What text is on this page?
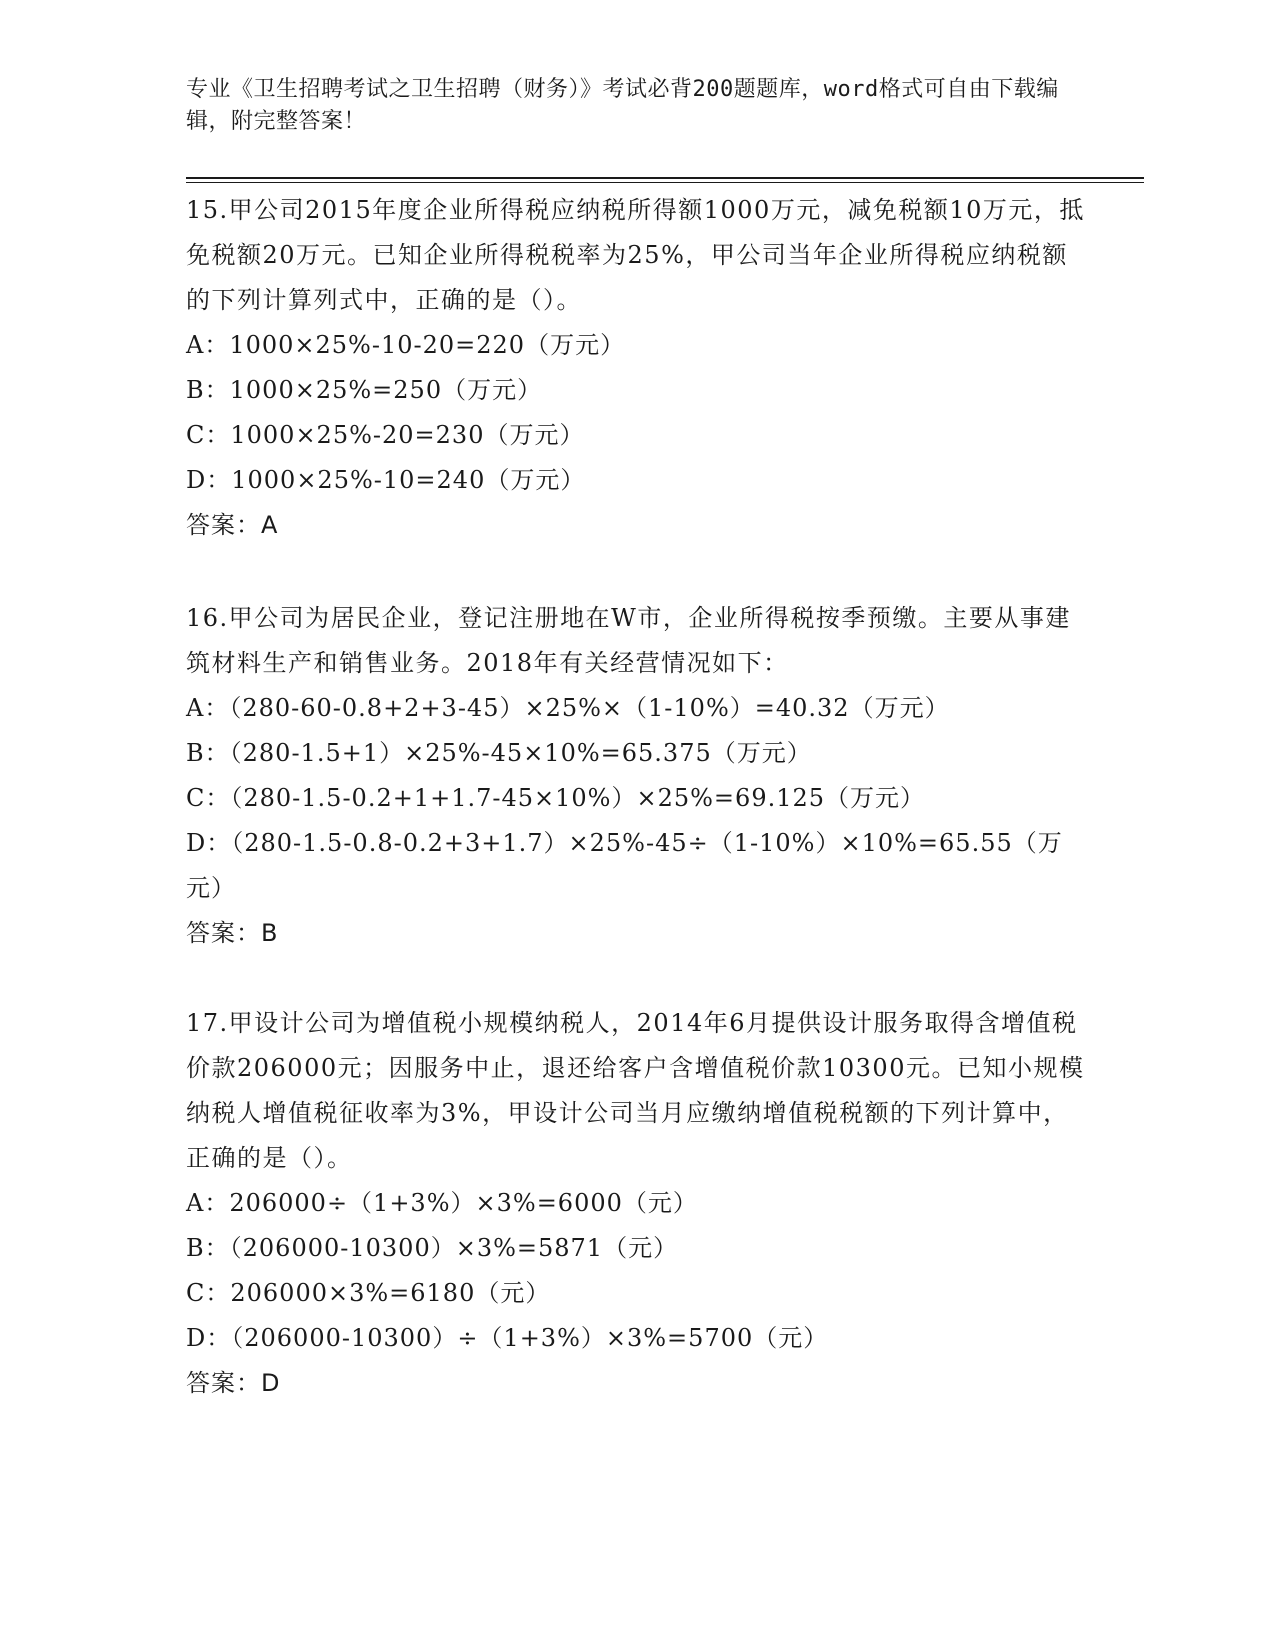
专业《卫生招聘考试之卫生招聘（财务）》考试必背200题题库，word格式可自由下载编辑，附完整答案！

15.甲公司2015年度企业所得税应纳税所得额1000万元，减免税额10万元，抵免税额20万元。已知企业所得税税率为25%，甲公司当年企业所得税应纳税额的下列计算列式中，正确的是（）。

A：1000×25%-10-20=220（万元）

B：1000×25%=250（万元）

C：1000×25%-20=230（万元）

D：1000×25%-10=240（万元）

答案：A

16.甲公司为居民企业，登记注册地在W市，企业所得税按季预缴。主要从事建筑材料生产和销售业务。2018年有关经营情况如下：

A：（280-60-0.8+2+3-45）×25%×（1-10%）=40.32（万元）

B：（280-1.5+1）×25%-45×10%=65.375（万元）

C：（280-1.5-0.2+1+1.7-45×10%）×25%=69.125（万元）

D：（280-1.5-0.8-0.2+3+1.7）×25%-45÷（1-10%）×10%=65.55（万元）

答案：B

17.甲设计公司为增值税小规模纳税人，2014年6月提供设计服务取得含增值税价款206000元；因服务中止，退还给客户含增值税价款10300元。已知小规模纳税人增值税征收率为3%，甲设计公司当月应缴纳增值税税额的下列计算中，正确的是（）。

A：206000÷（1+3%）×3%=6000（元）

B：（206000-10300）×3%=5871（元）

C：206000×3%=6180（元）

D：（206000-10300）÷（1+3%）×3%=5700（元）

答案：D
